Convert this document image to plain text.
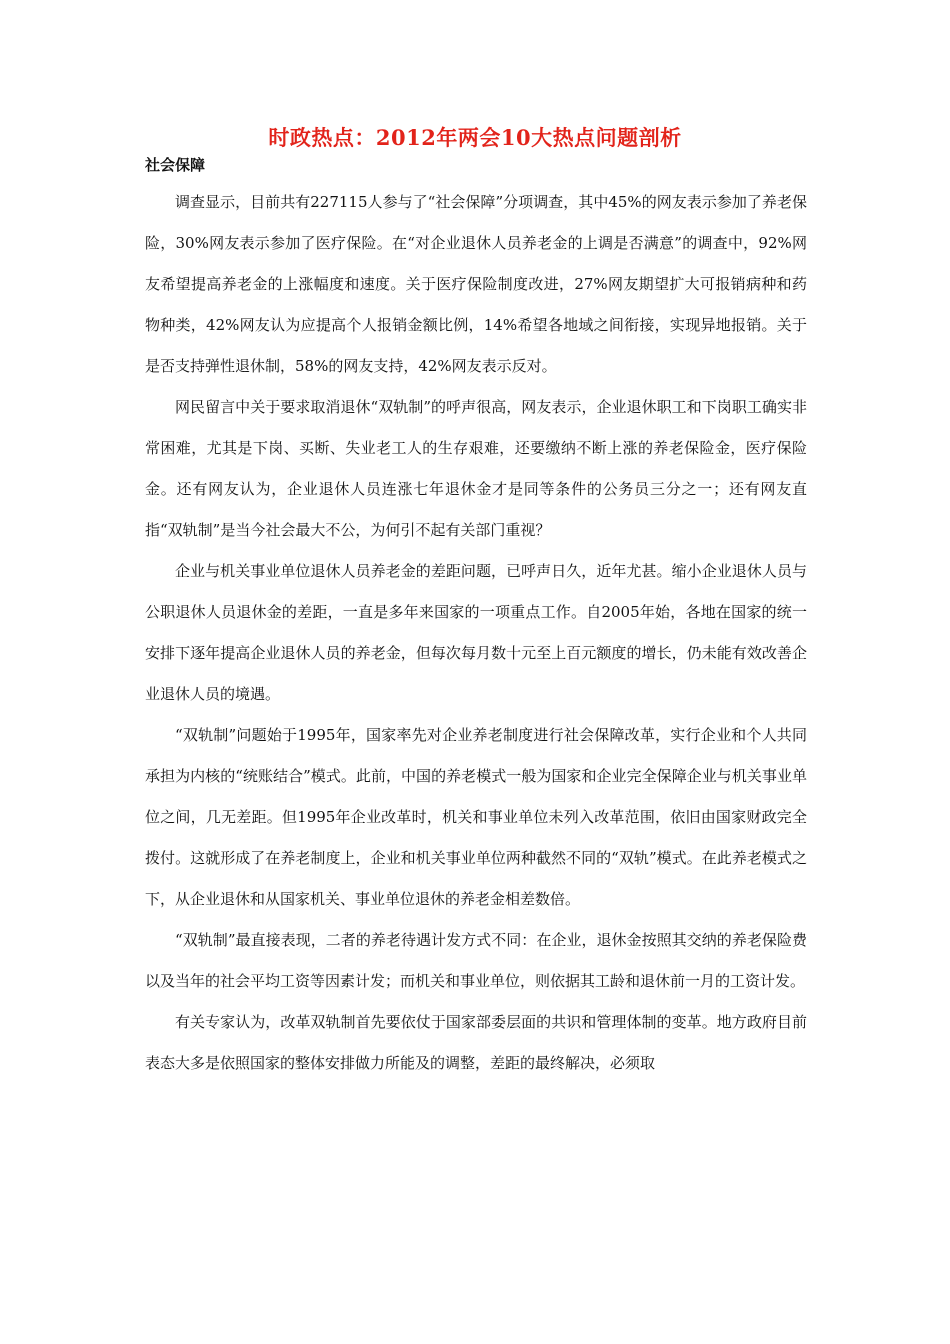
时政热点：2012年两会10大热点问题剖析
社会保障

调查显示，目前共有227115人参与了“社会保障”分项调查，其中45%的网友表示参加了养老保险，30%网友表示参加了医疗保险。在“对企业退休人员养老金的上调是否满意”的调查中，92%网友希望提高养老金的上涨幅度和速度。关于医疗保险制度改进，27%网友期望扩大可报销病种和药物种类，42%网友认为应提高个人报销金额比例，14%希望各地域之间衔接，实现异地报销。关于是否支持弹性退休制，58%的网友支持，42%网友表示反对。

网民留言中关于要求取消退休“双轨制”的呼声很高，网友表示，企业退休职工和下岗职工确实非常困难，尤其是下岗、买断、失业老工人的生存艰难，还要缴纳不断上涨的养老保险金，医疗保险金。还有网友认为，企业退休人员连涨七年退休金才是同等条件的公务员三分之一；还有网友直指“双轨制”是当今社会最大不公，为何引不起有关部门重视？

企业与机关事业单位退休人员养老金的差距问题，已呼声日久，近年尤甚。缩小企业退休人员与公职退休人员退休金的差距，一直是多年来国家的一项重点工作。自2005年始，各地在国家的统一安排下逐年提高企业退休人员的养老金，但每次每月数十元至上百元额度的增长，仍未能有效改善企业退休人员的境遇。

“双轨制”问题始于1995年，国家率先对企业养老制度进行社会保障改革，实行企业和个人共同承担为内核的“统账结合”模式。此前，中国的养老模式一般为国家和企业完全保障企业与机关事业单位之间，几无差距。但1995年企业改革时，机关和事业单位未列入改革范围，依旧由国家财政完全拨付。这就形成了在养老制度上，企业和机关事业单位两种截然不同的“双轨”模式。在此养老模式之下，从企业退休和从国家机关、事业单位退休的养老金相差数倍。

“双轨制”最直接表现，二者的养老待遇计发方式不同：在企业，退休金按照其交纳的养老保险费以及当年的社会平均工资等因素计发；而机关和事业单位，则依据其工龄和退休前一月的工资计发。

有关专家认为，改革双轨制首先要依仗于国家部委层面的共识和管理体制的变革。地方政府目前表态大多是依照国家的整体安排做力所能及的调整，差距的最终解决，必须取
